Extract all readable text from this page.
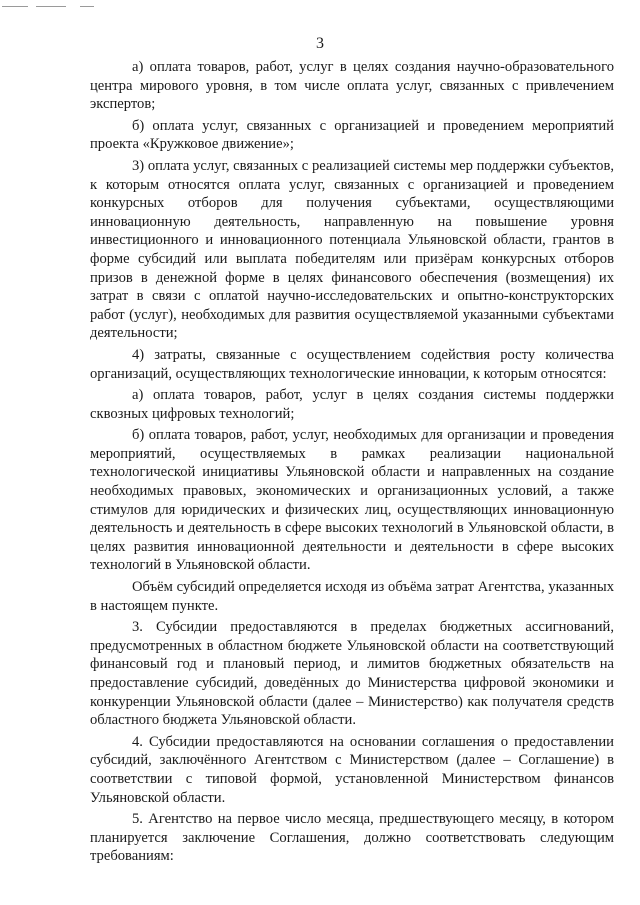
3

а) оплата товаров, работ, услуг в целях создания научно-образовательного центра мирового уровня, в том числе оплата услуг, связанных с привлечением экспертов;

б) оплата услуг, связанных с организацией и проведением мероприятий проекта «Кружковое движение»;

3) оплата услуг, связанных с реализацией системы мер поддержки субъектов, к которым относятся оплата услуг, связанных с организацией и проведением конкурсных отборов для получения субъектами, осуществляющими инновационную деятельность, направленную на повышение уровня инвестиционного и инновационного потенциала Ульяновской области, грантов в форме субсидий или выплата победителям или призёрам конкурсных отборов призов в денежной форме в целях финансового обеспечения (возмещения) их затрат в связи с оплатой научно-исследовательских и опытно-конструкторских работ (услуг), необходимых для развития осуществляемой указанными субъектами деятельности;

4) затраты, связанные с осуществлением содействия росту количества организаций, осуществляющих технологические инновации, к которым относятся:

а) оплата товаров, работ, услуг в целях создания системы поддержки сквозных цифровых технологий;

б) оплата товаров, работ, услуг, необходимых для организации и проведения мероприятий, осуществляемых в рамках реализации национальной технологической инициативы Ульяновской области и направленных на создание необходимых правовых, экономических и организационных условий, а также стимулов для юридических и физических лиц, осуществляющих инновационную деятельность и деятельность в сфере высоких технологий в Ульяновской области, в целях развития инновационной деятельности и деятельности в сфере высоких технологий в Ульяновской области.

Объём субсидий определяется исходя из объёма затрат Агентства, указанных в настоящем пункте.

3. Субсидии предоставляются в пределах бюджетных ассигнований, предусмотренных в областном бюджете Ульяновской области на соответствующий финансовый год и плановый период, и лимитов бюджетных обязательств на предоставление субсидий, доведённых до Министерства цифровой экономики и конкуренции Ульяновской области (далее – Министерство) как получателя средств областного бюджета Ульяновской области.

4. Субсидии предоставляются на основании соглашения о предоставлении субсидий, заключённого Агентством с Министерством (далее – Соглашение) в соответствии с типовой формой, установленной Министерством финансов Ульяновской области.

5. Агентство на первое число месяца, предшествующего месяцу, в котором планируется заключение Соглашения, должно соответствовать следующим требованиям:
